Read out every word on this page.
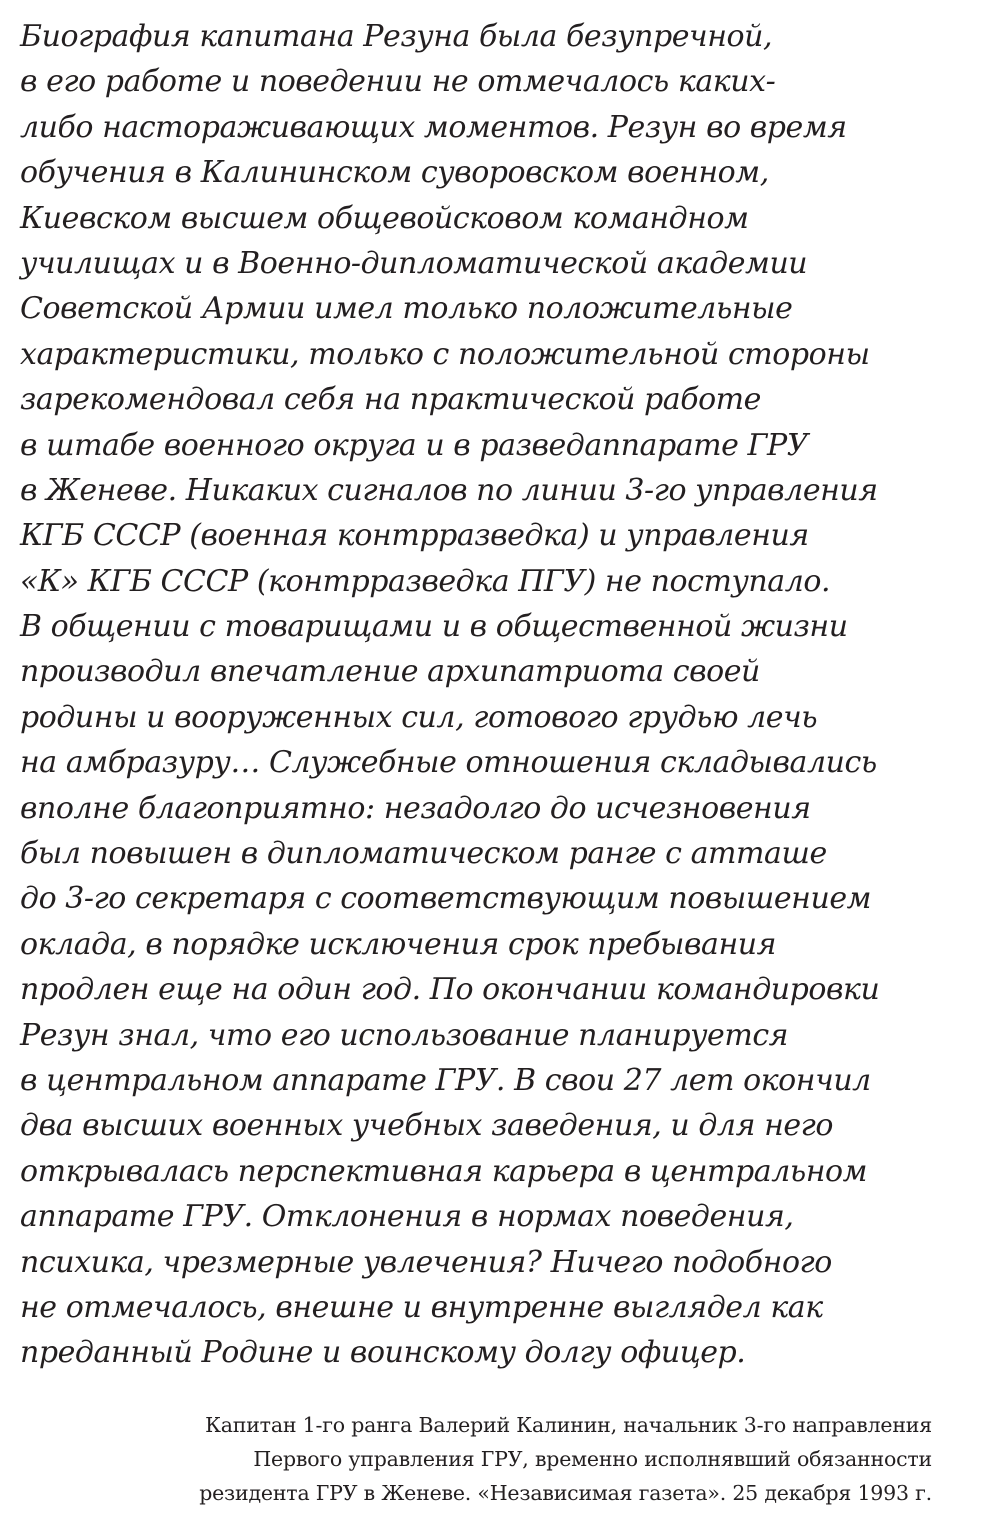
Биография капитана Резуна была безупречной,
в его работе и поведении не отмечалось каких-
либо настораживающих моментов. Резун во время
обучения в Калининском суворовском военном,
Киевском высшем общевойсковом командном
училищах и в Военно-дипломатической академии
Советской Армии имел только положительные
характеристики, только с положительной стороны
зарекомендовал себя на практической работе
в штабе военного округа и в разведаппарате ГРУ
в Женеве. Никаких сигналов по линии 3-го управления
КГБ СССР (военная контрразведка) и управления
«К» КГБ СССР (контрразведка ПГУ) не поступало.
В общении с товарищами и в общественной жизни
производил впечатление архипатриота своей
родины и вооруженных сил, готового грудью лечь
на амбразуру… Служебные отношения складывались
вполне благоприятно: незадолго до исчезновения
был повышен в дипломатическом ранге с атташе
до 3-го секретаря с соответствующим повышением
оклада, в порядке исключения срок пребывания
продлен еще на один год. По окончании командировки
Резун знал, что его использование планируется
в центральном аппарате ГРУ. В свои 27 лет окончил
два высших военных учебных заведения, и для него
открывалась перспективная карьера в центральном
аппарате ГРУ. Отклонения в нормах поведения,
психика, чрезмерные увлечения? Ничего подобного
не отмечалось, внешне и внутренне выглядел как
преданный Родине и воинскому долгу офицер.
Капитан 1-го ранга Валерий Калинин, начальник 3-го направления
Первого управления ГРУ, временно исполнявший обязанности
резидента ГРУ в Женеве. «Независимая газета». 25 декабря 1993 г.
